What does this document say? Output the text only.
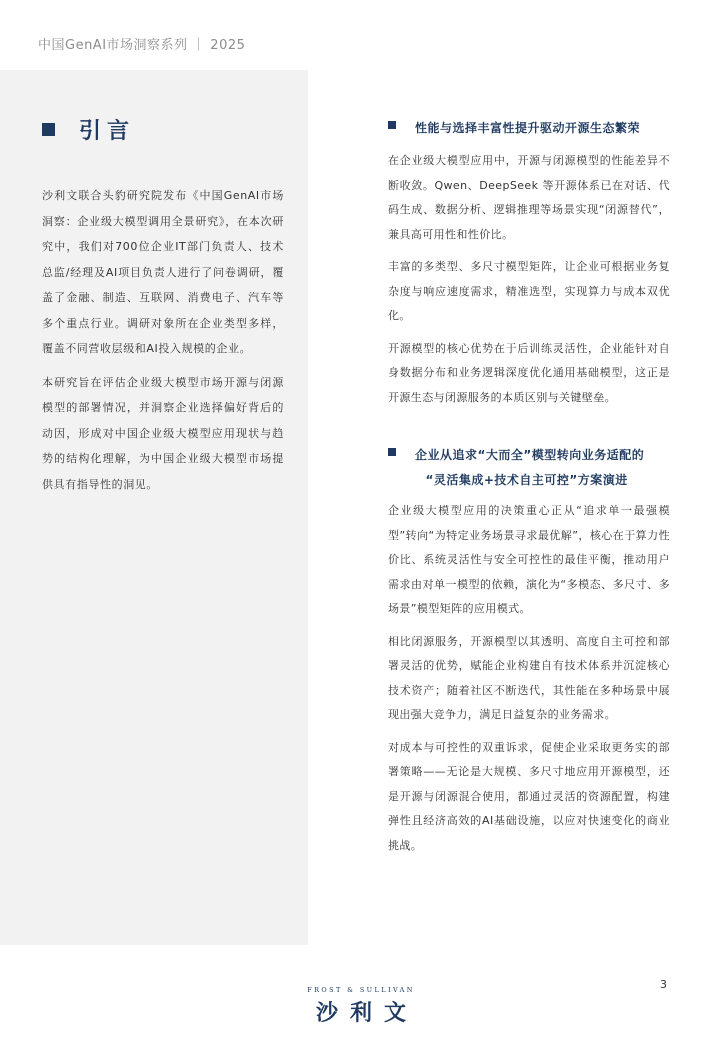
中国GenAI市场洞察系列 ｜ 2025
引言

沙利文联合头豹研究院发布《中国GenAI市场洞察：企业级大模型调用全景研究》，在本次研究中，我们对700位企业IT部门负责人、技术总监/经理及AI项目负责人进行了问卷调研，覆盖了金融、制造、互联网、消费电子、汽车等多个重点行业。调研对象所在企业类型多样，覆盖不同营收层级和AI投入规模的企业。

本研究旨在评估企业级大模型市场开源与闭源模型的部署情况，并洞察企业选择偏好背后的动因，形成对中国企业级大模型应用现状与趋势的结构化理解，为中国企业级大模型市场提供具有指导性的洞见。

性能与选择丰富性提升驱动开源生态繁荣

在企业级大模型应用中，开源与闭源模型的性能差异不断收敛。Qwen、DeepSeek 等开源体系已在对话、代码生成、数据分析、逻辑推理等场景实现“闭源替代”，兼具高可用性和性价比。

丰富的多类型、多尺寸模型矩阵，让企业可根据业务复杂度与响应速度需求，精准选型，实现算力与成本双优化。

开源模型的核心优势在于后训练灵活性，企业能针对自身数据分布和业务逻辑深度优化通用基础模型，这正是开源生态与闭源服务的本质区别与关键壁垒。

企业从追求“大而全”模型转向业务适配的
“灵活集成+技术自主可控”方案演进

企业级大模型应用的决策重心正从“追求单一最强模型”转向“为特定业务场景寻求最优解”，核心在于算力性价比、系统灵活性与安全可控性的最佳平衡，推动用户需求由对单一模型的依赖，演化为“多模态、多尺寸、多场景”模型矩阵的应用模式。

相比闭源服务，开源模型以其透明、高度自主可控和部署灵活的优势，赋能企业构建自有技术体系并沉淀核心技术资产；随着社区不断迭代，其性能在多种场景中展现出强大竞争力，满足日益复杂的业务需求。

对成本与可控性的双重诉求，促使企业采取更务实的部署策略——无论是大规模、多尺寸地应用开源模型，还是开源与闭源混合使用，都通过灵活的资源配置，构建弹性且经济高效的AI基础设施，以应对快速变化的商业挑战。

3
FROST & SULLIVAN
沙利文
